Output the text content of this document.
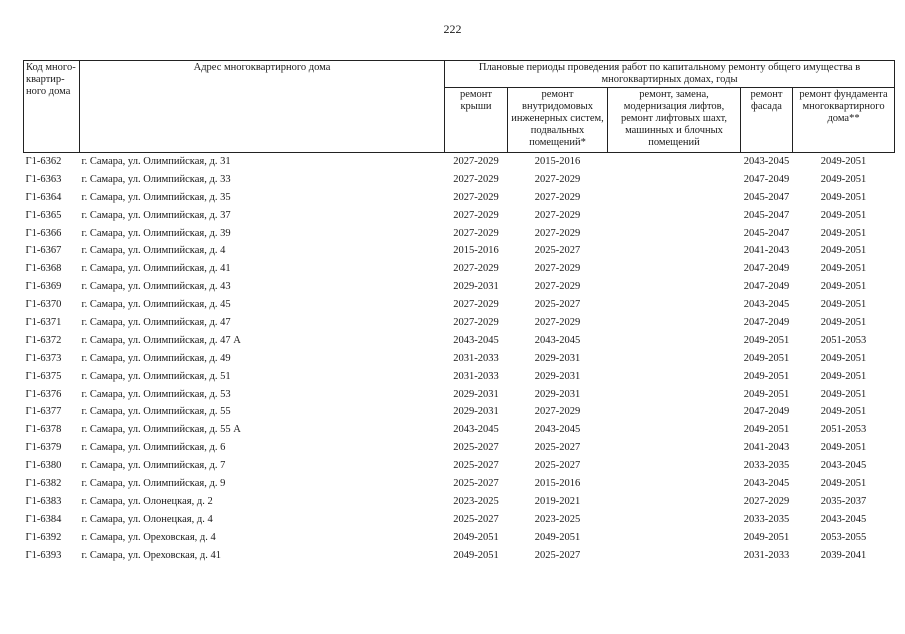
222
Код много-квартир-ного дома	Адрес многоквартирного дома	Плановые периоды проведения работ по капитальному ремонту общего имущества в многоквартирных домах, годы				
		ремонт крыши	ремонт внутридомовых инженерных систем, подвальных помещений*	ремонт, замена, модернизация лифтов, ремонт лифтовых шахт, машинных и блочных помещений	ремонт фасада	ремонт фундамента многоквартирного дома**
Г1-6362	г. Самара, ул. Олимпийская, д. 31	2027-2029	2015-2016		2043-2045	2049-2051
Г1-6363	г. Самара, ул. Олимпийская, д. 33	2027-2029	2027-2029		2047-2049	2049-2051
Г1-6364	г. Самара, ул. Олимпийская, д. 35	2027-2029	2027-2029		2045-2047	2049-2051
Г1-6365	г. Самара, ул. Олимпийская, д. 37	2027-2029	2027-2029		2045-2047	2049-2051
Г1-6366	г. Самара, ул. Олимпийская, д. 39	2027-2029	2027-2029		2045-2047	2049-2051
Г1-6367	г. Самара, ул. Олимпийская, д. 4	2015-2016	2025-2027		2041-2043	2049-2051
Г1-6368	г. Самара, ул. Олимпийская, д. 41	2027-2029	2027-2029		2047-2049	2049-2051
Г1-6369	г. Самара, ул. Олимпийская, д. 43	2029-2031	2027-2029		2047-2049	2049-2051
Г1-6370	г. Самара, ул. Олимпийская, д. 45	2027-2029	2025-2027		2043-2045	2049-2051
Г1-6371	г. Самара, ул. Олимпийская, д. 47	2027-2029	2027-2029		2047-2049	2049-2051
Г1-6372	г. Самара, ул. Олимпийская, д. 47 А	2043-2045	2043-2045		2049-2051	2051-2053
Г1-6373	г. Самара, ул. Олимпийская, д. 49	2031-2033	2029-2031		2049-2051	2049-2051
Г1-6375	г. Самара, ул. Олимпийская, д. 51	2031-2033	2029-2031		2049-2051	2049-2051
Г1-6376	г. Самара, ул. Олимпийская, д. 53	2029-2031	2029-2031		2049-2051	2049-2051
Г1-6377	г. Самара, ул. Олимпийская, д. 55	2029-2031	2027-2029		2047-2049	2049-2051
Г1-6378	г. Самара, ул. Олимпийская, д. 55 А	2043-2045	2043-2045		2049-2051	2051-2053
Г1-6379	г. Самара, ул. Олимпийская, д. 6	2025-2027	2025-2027		2041-2043	2049-2051
Г1-6380	г. Самара, ул. Олимпийская, д. 7	2025-2027	2025-2027		2033-2035	2043-2045
Г1-6382	г. Самара, ул. Олимпийская, д. 9	2025-2027	2015-2016		2043-2045	2049-2051
Г1-6383	г. Самара, ул. Олонецкая, д. 2	2023-2025	2019-2021		2027-2029	2035-2037
Г1-6384	г. Самара, ул. Олонецкая, д. 4	2025-2027	2023-2025		2033-2035	2043-2045
Г1-6392	г. Самара, ул. Ореховская, д. 4	2049-2051	2049-2051		2049-2051	2053-2055
Г1-6393	г. Самара, ул. Ореховская, д. 41	2049-2051	2025-2027		2031-2033	2039-2041
